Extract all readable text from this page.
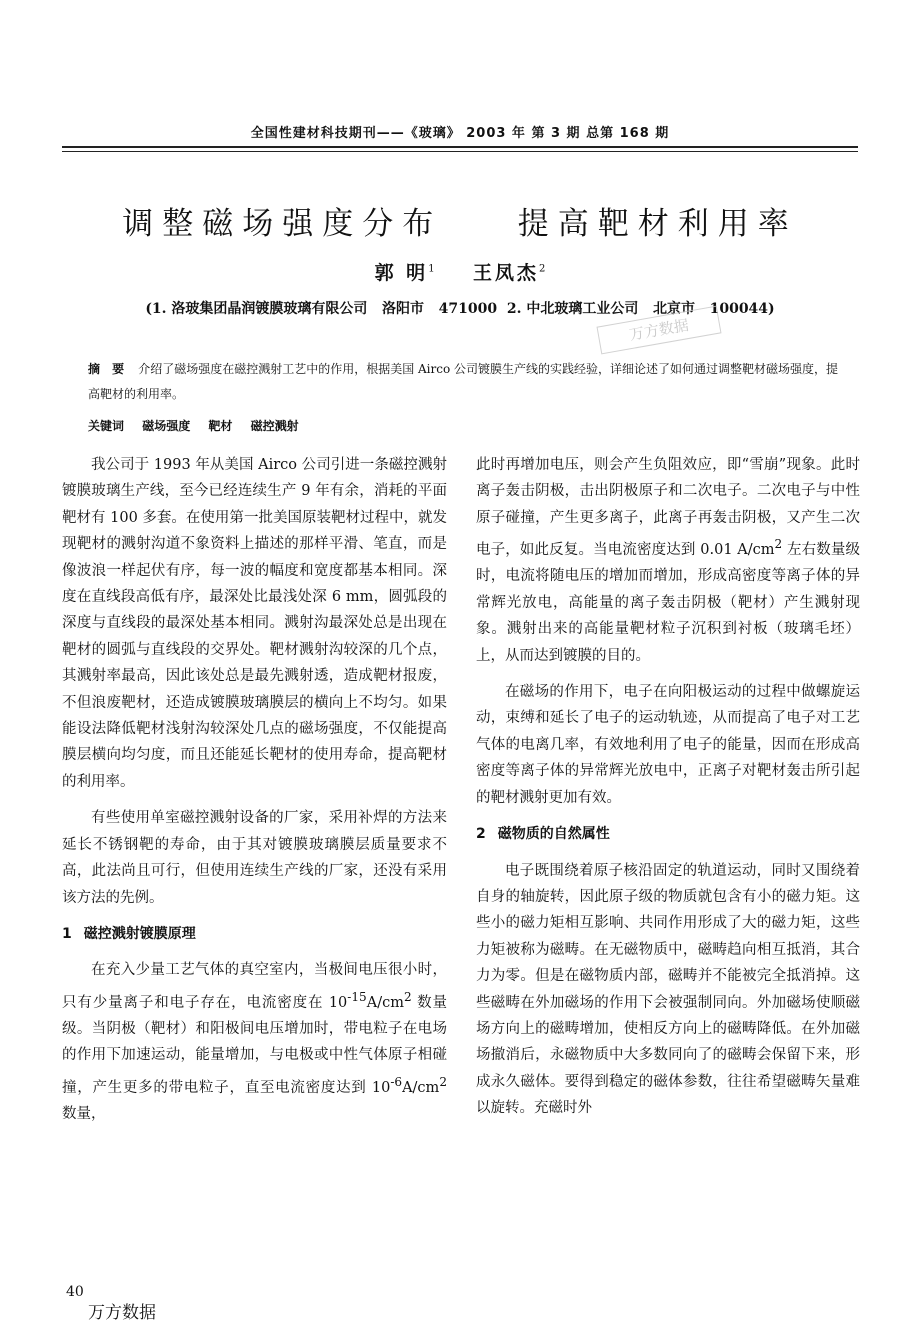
全国性建材科技期刊——《玻璃》 2003 年 第 3 期 总第 168 期
调整磁场强度分布    提高靶材利用率
郭 明$^1$ 王凤杰$^2$
(1. 洛玻集团晶润镀膜玻璃有限公司   洛阳市   471000  2. 中北玻璃工业公司   北京市   100044)
万方数据
摘 要 介绍了磁场强度在磁控溅射工艺中的作用，根据美国 Airco 公司镀膜生产线的实践经验，详细论述了如何通过调整靶材磁场强度，提高靶材的利用率。
关键词 磁场强度 靶材 磁控溅射

我公司于 1993 年从美国 Airco 公司引进一条磁控溅射镀膜玻璃生产线，至今已经连续生产 9 年有余，消耗的平面靶材有 100 多套。在使用第一批美国原装靶材过程中，就发现靶材的溅射沟道不象资料上描述的那样平滑、笔直，而是像波浪一样起伏有序，每一波的幅度和宽度都基本相同。深度在直线段高低有序，最深处比最浅处深 6 mm，圆弧段的深度与直线段的最深处基本相同。溅射沟最深处总是出现在靶材的圆弧与直线段的交界处。靶材溅射沟较深的几个点，其溅射率最高，因此该处总是最先溅射透，造成靶材报废，不但浪废靶材，还造成镀膜玻璃膜层的横向上不均匀。如果能设法降低靶材浅射沟较深处几点的磁场强度，不仅能提高膜层横向均匀度，而且还能延长靶材的使用寿命，提高靶材的利用率。

有些使用单室磁控溅射设备的厂家，采用补焊的方法来延长不锈钢靶的寿命，由于其对镀膜玻璃膜层质量要求不高，此法尚且可行，但使用连续生产线的厂家，还没有采用该方法的先例。

1 磁控溅射镀膜原理

在充入少量工艺气体的真空室内，当极间电压很小时，只有少量离子和电子存在，电流密度在 $10^{-15}A/cm^2$ 数量级。当阴极（靶材）和阳极间电压增加时，带电粒子在电场的作用下加速运动，能量增加，与电极或中性气体原子相碰撞，产生更多的带电粒子，直至电流密度达到 $10^{-6}A/cm^2$ 数量，

此时再增加电压，则会产生负阻效应，即“雪崩”现象。此时离子轰击阴极，击出阴极原子和二次电子。二次电子与中性原子碰撞，产生更多离子，此离子再轰击阴极，又产生二次电子，如此反复。当电流密度达到 0.01 $A/cm^2$ 左右数量级时，电流将随电压的增加而增加，形成高密度等离子体的异常辉光放电，高能量的离子轰击阴极（靶材）产生溅射现象。溅射出来的高能量靶材粒子沉积到衬板（玻璃毛坯）上，从而达到镀膜的目的。

在磁场的作用下，电子在向阳极运动的过程中做螺旋运动，束缚和延长了电子的运动轨迹，从而提高了电子对工艺气体的电离几率，有效地利用了电子的能量，因而在形成高密度等离子体的异常辉光放电中，正离子对靶材轰击所引起的靶材溅射更加有效。

2 磁物质的自然属性

电子既围绕着原子核沿固定的轨道运动，同时又围绕着自身的轴旋转，因此原子级的物质就包含有小的磁力矩。这些小的磁力矩相互影响、共同作用形成了大的磁力矩，这些力矩被称为磁畴。在无磁物质中，磁畴趋向相互抵消，其合力为零。但是在磁物质内部，磁畴并不能被完全抵消掉。这些磁畴在外加磁场的作用下会被强制同向。外加磁场使顺磁场方向上的磁畴增加，使相反方向上的磁畴降低。在外加磁场撤消后，永磁物质中大多数同向了的磁畴会保留下来，形成永久磁体。要得到稳定的磁体参数，往往希望磁畴矢量难以旋转。充磁时外

40
万方数据
